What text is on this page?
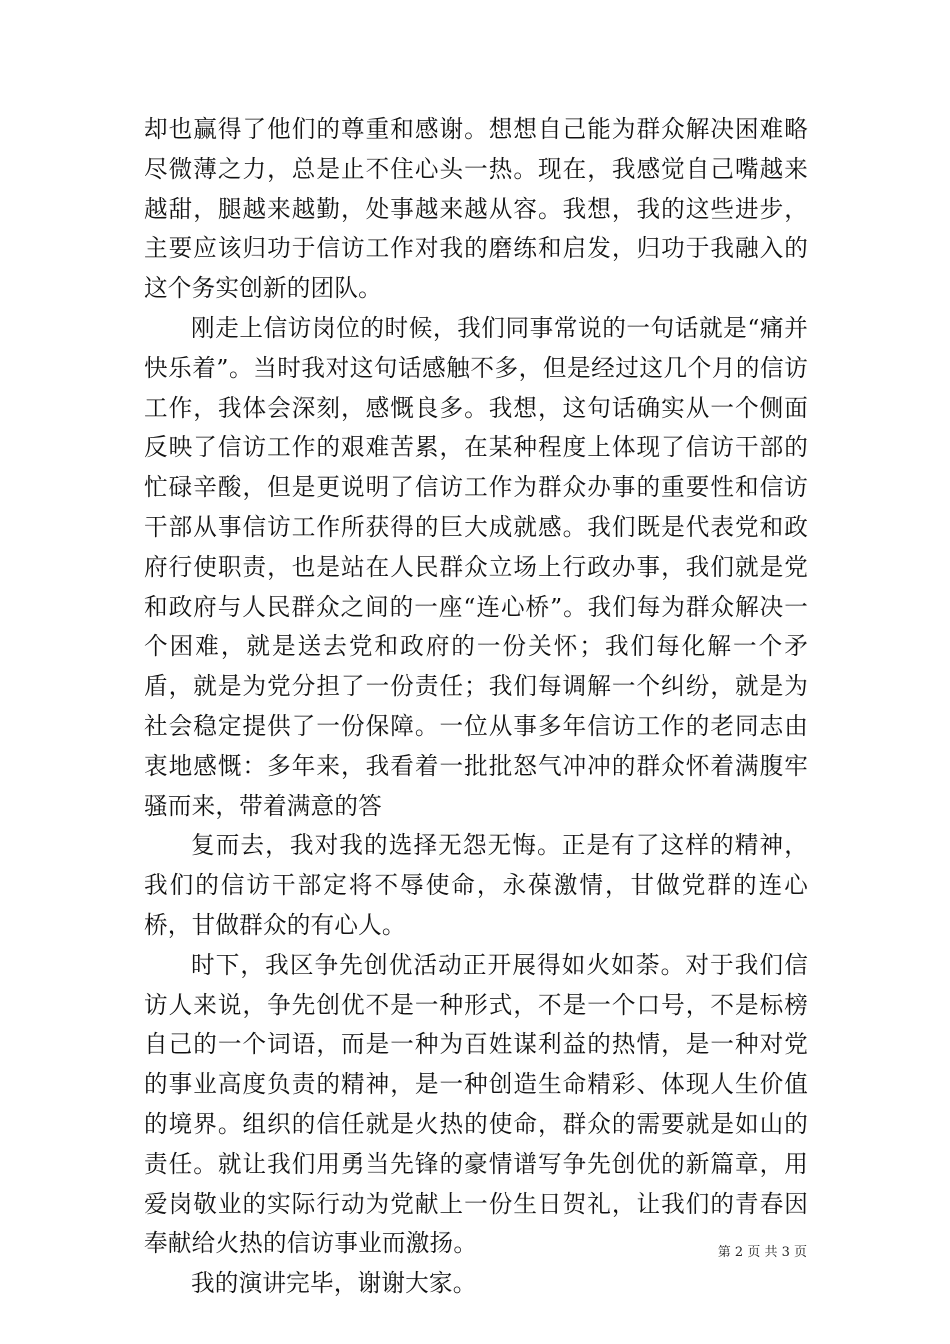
却也赢得了他们的尊重和感谢。想想自己能为群众解决困难略尽微薄之力，总是止不住心头一热。现在，我感觉自己嘴越来越甜，腿越来越勤，处事越来越从容。我想，我的这些进步，主要应该归功于信访工作对我的磨练和启发，归功于我融入的这个务实创新的团队。

刚走上信访岗位的时候，我们同事常说的一句话就是“痛并快乐着”。当时我对这句话感触不多，但是经过这几个月的信访工作，我体会深刻，感慨良多。我想，这句话确实从一个侧面反映了信访工作的艰难苦累，在某种程度上体现了信访干部的忙碌辛酸，但是更说明了信访工作为群众办事的重要性和信访干部从事信访工作所获得的巨大成就感。我们既是代表党和政府行使职责，也是站在人民群众立场上行政办事，我们就是党和政府与人民群众之间的一座“连心桥”。我们每为群众解决一个困难，就是送去党和政府的一份关怀；我们每化解一个矛盾，就是为党分担了一份责任；我们每调解一个纠纷，就是为社会稳定提供了一份保障。一位从事多年信访工作的老同志由衷地感慨：多年来，我看着一批批怒气冲冲的群众怀着满腹牢骚而来，带着满意的答

复而去，我对我的选择无怨无悔。正是有了这样的精神，我们的信访干部定将不辱使命，永葆激情，甘做党群的连心桥，甘做群众的有心人。

时下，我区争先创优活动正开展得如火如荼。对于我们信访人来说，争先创优不是一种形式，不是一个口号，不是标榜自己的一个词语，而是一种为百姓谋利益的热情，是一种对党的事业高度负责的精神，是一种创造生命精彩、体现人生价值的境界。组织的信任就是火热的使命，群众的需要就是如山的责任。就让我们用勇当先锋的豪情谱写争先创优的新篇章，用爱岗敬业的实际行动为党献上一份生日贺礼，让我们的青春因奉献给火热的信访事业而激扬。

我的演讲完毕，谢谢大家。

第 2 页 共 3 页
